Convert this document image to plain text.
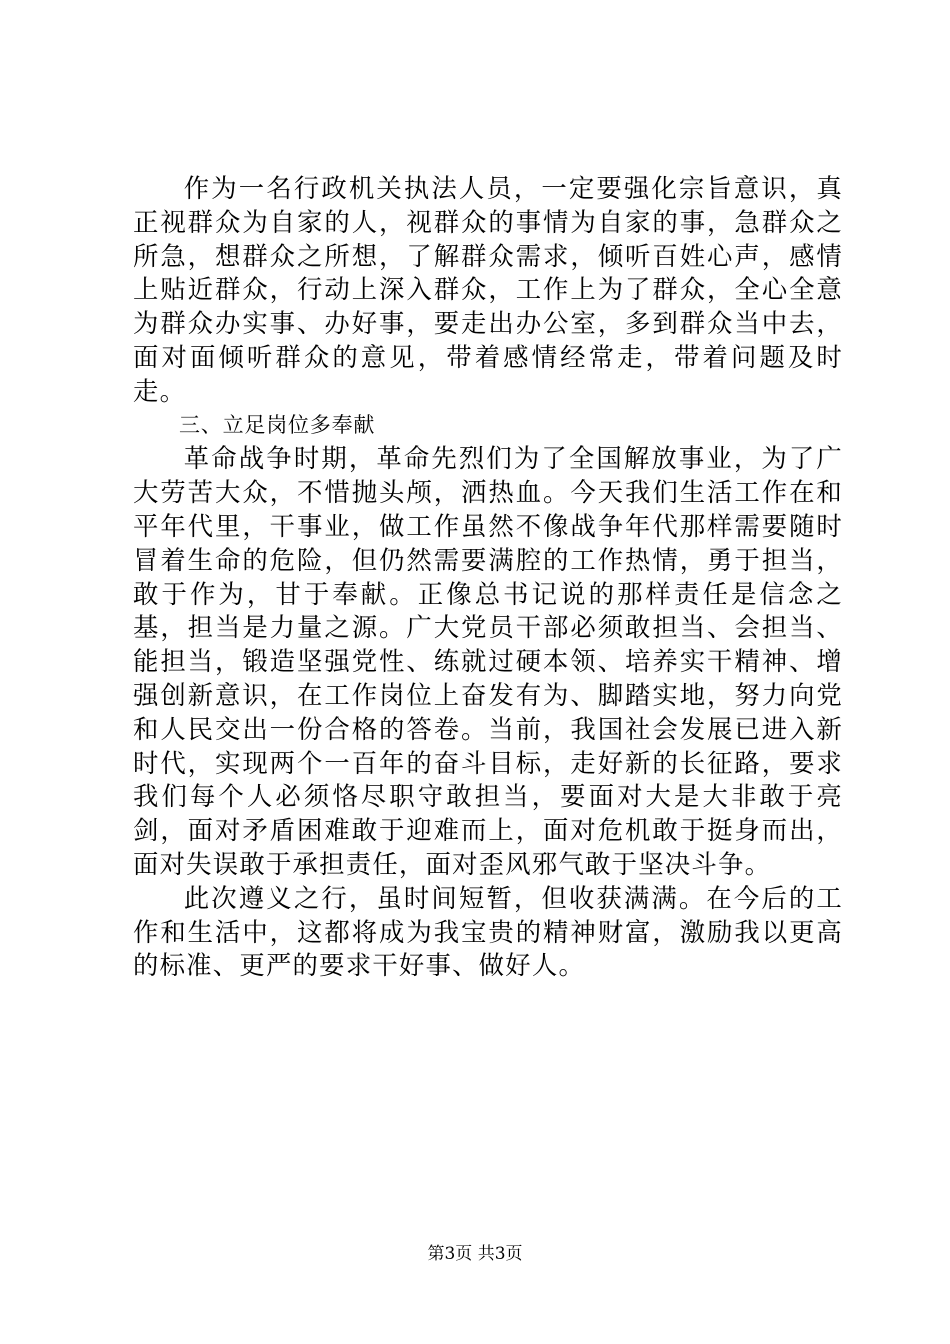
作为一名行政机关执法人员，一定要强化宗旨意识，真正视群众为自家的人，视群众的事情为自家的事，急群众之所急，想群众之所想，了解群众需求，倾听百姓心声，感情上贴近群众，行动上深入群众，工作上为了群众，全心全意为群众办实事、办好事，要走出办公室，多到群众当中去，面对面倾听群众的意见，带着感情经常走，带着问题及时走。

三、立足岗位多奉献

革命战争时期，革命先烈们为了全国解放事业，为了广大劳苦大众，不惜抛头颅，洒热血。今天我们生活工作在和平年代里，干事业，做工作虽然不像战争年代那样需要随时冒着生命的危险，但仍然需要满腔的工作热情，勇于担当，敢于作为，甘于奉献。正像总书记说的那样责任是信念之基，担当是力量之源。广大党员干部必须敢担当、会担当、能担当，锻造坚强党性、练就过硬本领、培养实干精神、增强创新意识，在工作岗位上奋发有为、脚踏实地，努力向党和人民交出一份合格的答卷。当前，我国社会发展已进入新时代，实现两个一百年的奋斗目标，走好新的长征路，要求我们每个人必须恪尽职守敢担当，要面对大是大非敢于亮剑，面对矛盾困难敢于迎难而上，面对危机敢于挺身而出，面对失误敢于承担责任，面对歪风邪气敢于坚决斗争。

此次遵义之行，虽时间短暂，但收获满满。在今后的工作和生活中，这都将成为我宝贵的精神财富，激励我以更高的标准、更严的要求干好事、做好人。

第3页 共3页
